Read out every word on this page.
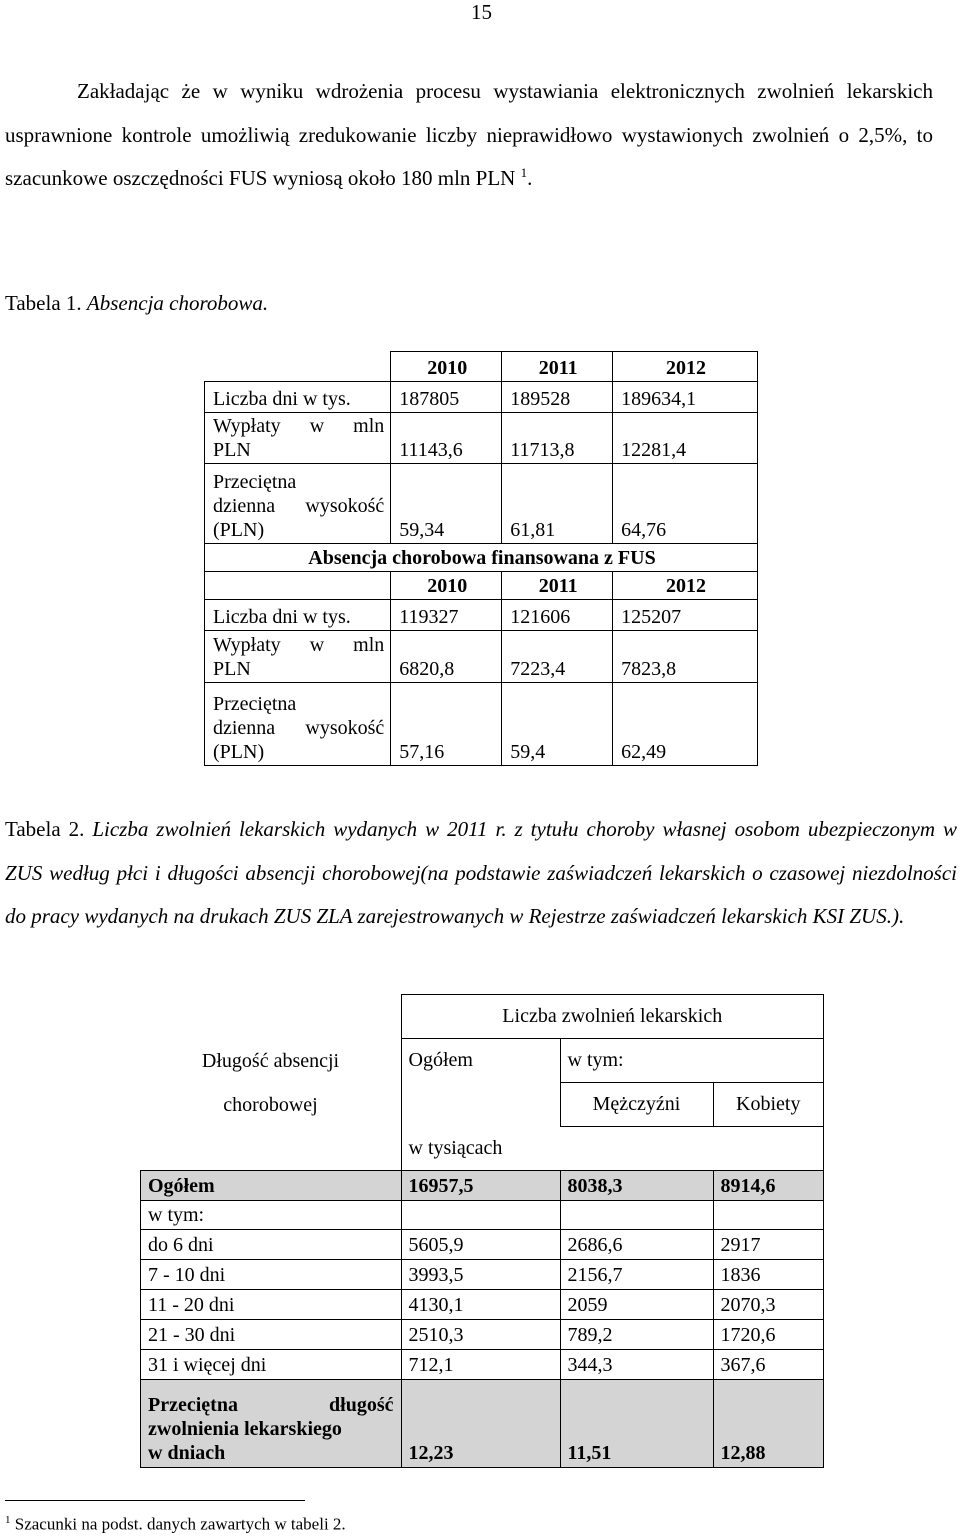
15
Zakładając że w wyniku wdrożenia procesu wystawiania elektronicznych zwolnień lekarskich usprawnione kontrole umożliwią zredukowanie liczby nieprawidłowo wystawionych zwolnień o 2,5%, to szacunkowe oszczędności FUS wyniosą około 180 mln PLN $^1$.
Tabela 1. Absencja chorobowa.
	2010	2011	2012
Liczba dni w tys.	187805	189528	189634,1

Wypłaty w mln
PLN	11143,6	11713,8	12281,4

Przeciętna
dzienna wysokość
(PLN)	59,34	61,81	64,76
Absencja chorobowa finansowana z FUS			
	2010	2011	2012
Liczba dni w tys.	119327	121606	125207

Wypłaty w mln
PLN	6820,8	7223,4	7823,8

Przeciętna
dzienna wysokość
(PLN)	57,16	59,4	62,49
Tabela 2. Liczba zwolnień lekarskich wydanych w 2011 r. z tytułu choroby własnej osobom ubezpieczonym w ZUS według płci i długości absencji chorobowej(na podstawie zaświadczeń lekarskich o czasowej niezdolności do pracy wydanych na drukach ZUS ZLA zarejestrowanych w Rejestrze zaświadczeń lekarskich KSI ZUS.).
Długość absencji
chorobowej	Liczba zwolnień lekarskich		
	Ogółem	w tym:	
		Mężczyźni	Kobiety
	w tysiącach		
Ogółem	16957,5	8038,3	8914,6
w tym:			
do 6 dni	5605,9	2686,6	2917
7 - 10 dni	3993,5	2156,7	1836
11 - 20 dni	4130,1	2059	2070,3
21 - 30 dni	2510,3	789,2	1720,6
31 i więcej dni	712,1	344,3	367,6

Przeciętna długość
zwolnienia lekarskiego
w dniach	12,23	11,51	12,88
$^1$ Szacunki na podst. danych zawartych w tabeli 2.
